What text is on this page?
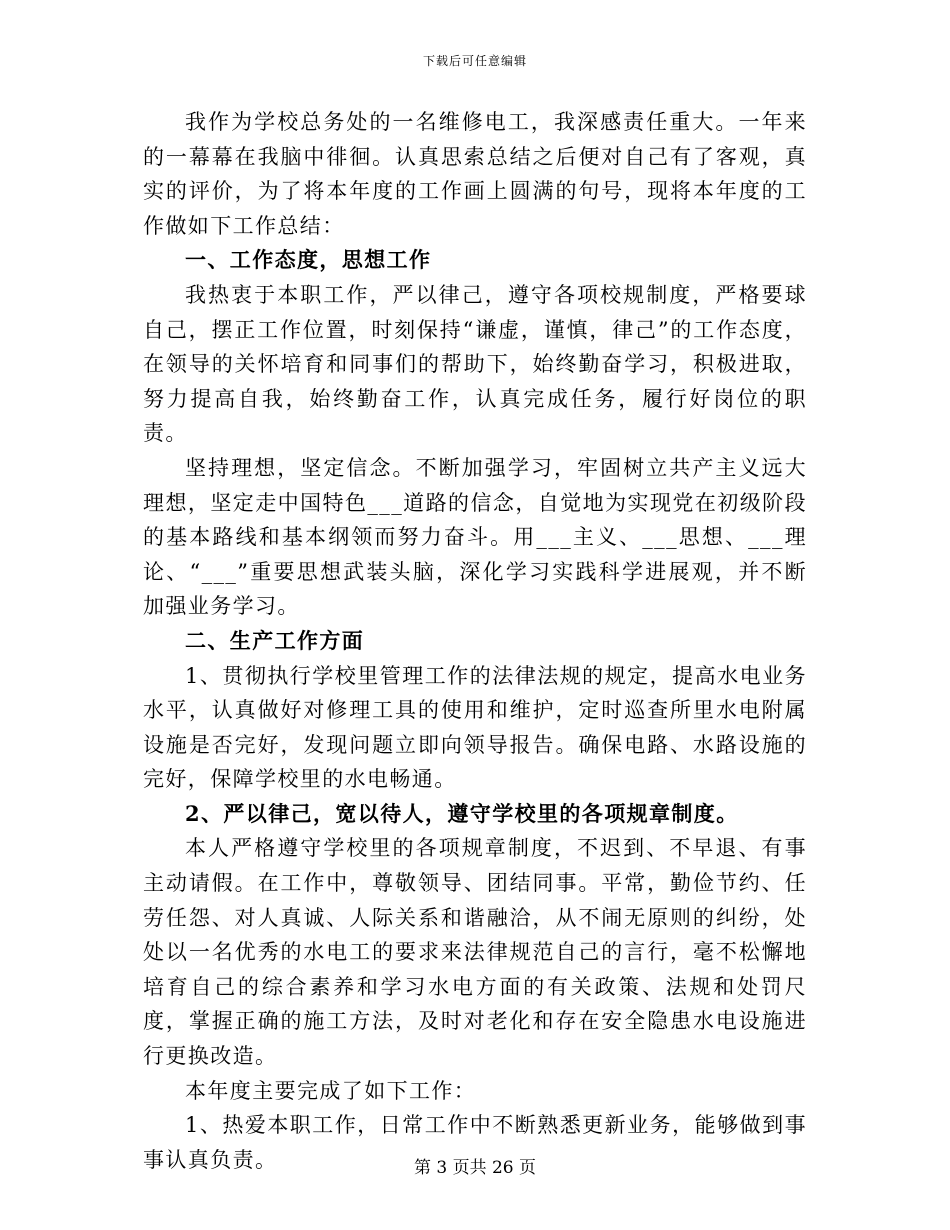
下载后可任意编辑

我作为学校总务处的一名维修电工，我深感责任重大。一年来的一幕幕在我脑中徘徊。认真思索总结之后便对自己有了客观，真实的评价，为了将本年度的工作画上圆满的句号，现将本年度的工作做如下工作总结：

一、工作态度，思想工作

我热衷于本职工作，严以律己，遵守各项校规制度，严格要球自己，摆正工作位置，时刻保持“谦虚，谨慎，律己”的工作态度，在领导的关怀培育和同事们的帮助下，始终勤奋学习，积极进取，努力提高自我，始终勤奋工作，认真完成任务，履行好岗位的职责。

坚持理想，坚定信念。不断加强学习，牢固树立共产主义远大理想，坚定走中国特色___道路的信念，自觉地为实现党在初级阶段的基本路线和基本纲领而努力奋斗。用___主义、___思想、___理论、“___”重要思想武装头脑，深化学习实践科学进展观，并不断加强业务学习。

二、生产工作方面

1、贯彻执行学校里管理工作的法律法规的规定，提高水电业务水平，认真做好对修理工具的使用和维护，定时巡查所里水电附属设施是否完好，发现问题立即向领导报告。确保电路、水路设施的完好，保障学校里的水电畅通。

2、严以律己，宽以待人，遵守学校里的各项规章制度。

本人严格遵守学校里的各项规章制度，不迟到、不早退、有事主动请假。在工作中，尊敬领导、团结同事。平常，勤俭节约、任劳任怨、对人真诚、人际关系和谐融洽，从不闹无原则的纠纷，处处以一名优秀的水电工的要求来法律规范自己的言行，毫不松懈地培育自己的综合素养和学习水电方面的有关政策、法规和处罚尺度，掌握正确的施工方法，及时对老化和存在安全隐患水电设施进行更换改造。

本年度主要完成了如下工作：

1、热爱本职工作，日常工作中不断熟悉更新业务，能够做到事事认真负责。	第 3 页共 26 页
